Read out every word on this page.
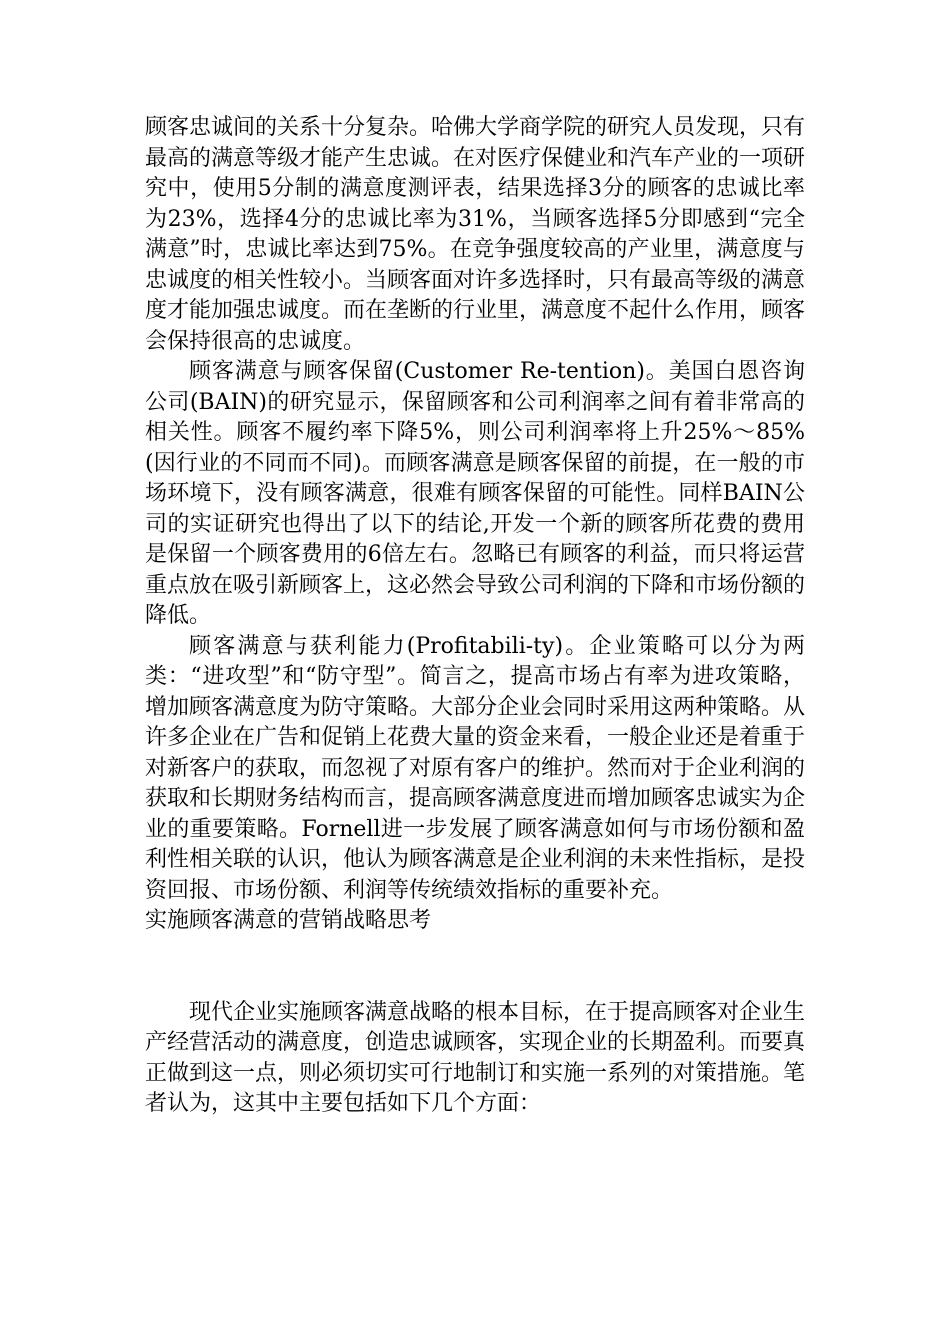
顾客忠诚间的关系十分复杂。哈佛大学商学院的研究人员发现，只有最高的满意等级才能产生忠诚。在对医疗保健业和汽车产业的一项研究中，使用5分制的满意度测评表，结果选择3分的顾客的忠诚比率为23%，选择4分的忠诚比率为31%，当顾客选择5分即感到“完全满意”时，忠诚比率达到75%。在竞争强度较高的产业里，满意度与忠诚度的相关性较小。当顾客面对许多选择时，只有最高等级的满意度才能加强忠诚度。而在垄断的行业里，满意度不起什么作用，顾客会保持很高的忠诚度。

顾客满意与顾客保留(Customer Re-tention)。美国白恩咨询公司(BAIN)的研究显示，保留顾客和公司利润率之间有着非常高的相关性。顾客不履约率下降5%，则公司利润率将上升25%～85%(因行业的不同而不同)。而顾客满意是顾客保留的前提，在一般的市场环境下，没有顾客满意，很难有顾客保留的可能性。同样BAIN公司的实证研究也得出了以下的结论,开发一个新的顾客所花费的费用是保留一个顾客费用的6倍左右。忽略已有顾客的利益，而只将运营重点放在吸引新顾客上，这必然会导致公司利润的下降和市场份额的降低。

顾客满意与获利能力(Profitabili-ty)。企业策略可以分为两类：“进攻型”和“防守型”。简言之，提高市场占有率为进攻策略，增加顾客满意度为防守策略。大部分企业会同时采用这两种策略。从许多企业在广告和促销上花费大量的资金来看，一般企业还是着重于对新客户的获取，而忽视了对原有客户的维护。然而对于企业利润的获取和长期财务结构而言，提高顾客满意度进而增加顾客忠诚实为企业的重要策略。Fornell进一步发展了顾客满意如何与市场份额和盈利性相关联的认识，他认为顾客满意是企业利润的未来性指标，是投资回报、市场份额、利润等传统绩效指标的重要补充。

实施顾客满意的营销战略思考

现代企业实施顾客满意战略的根本目标，在于提高顾客对企业生产经营活动的满意度，创造忠诚顾客，实现企业的长期盈利。而要真正做到这一点，则必须切实可行地制订和实施一系列的对策措施。笔者认为，这其中主要包括如下几个方面：
